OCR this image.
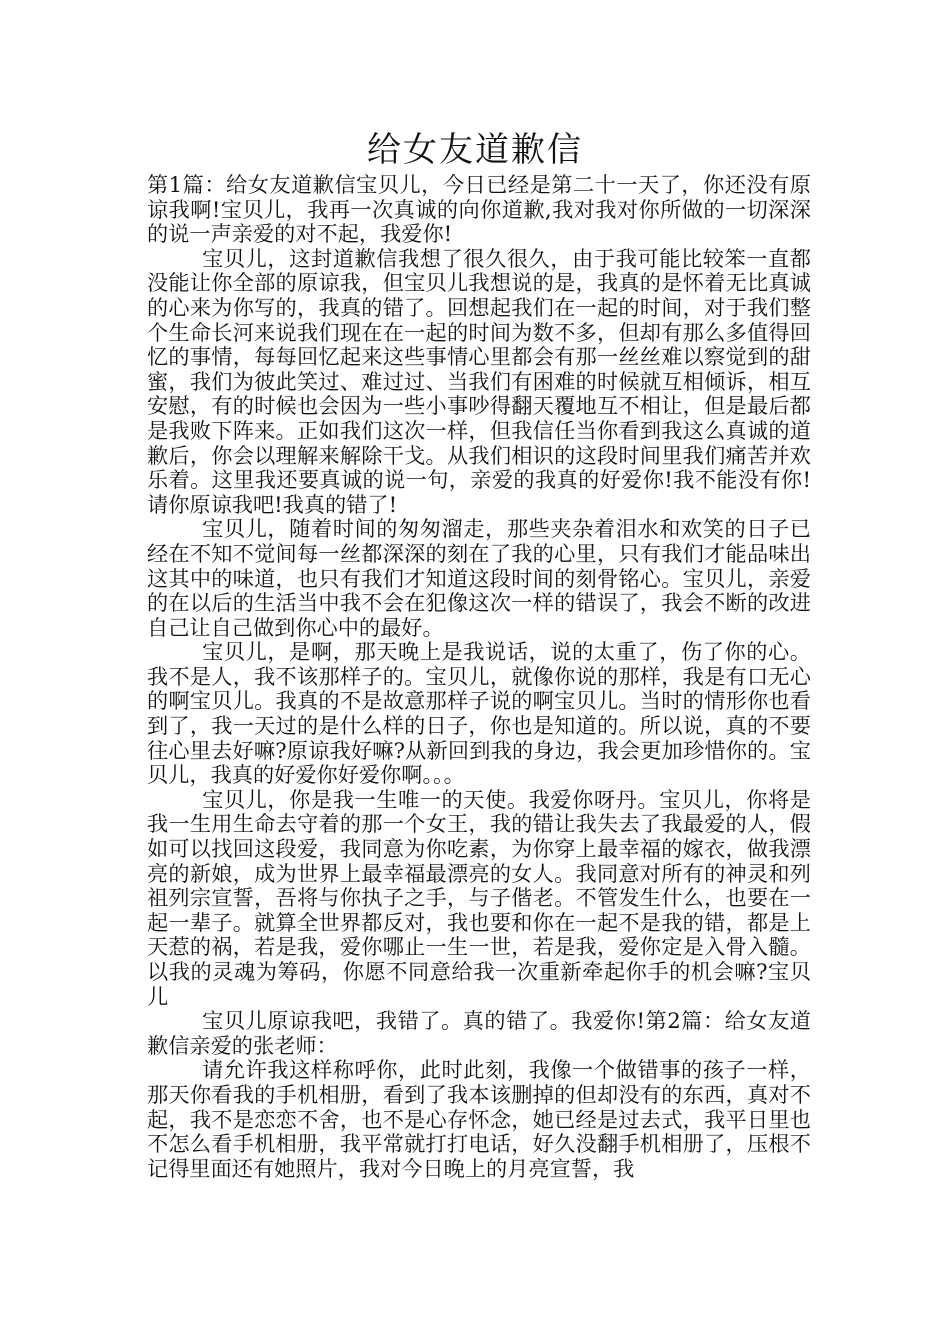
给女友道歉信

第1篇：给女友道歉信宝贝儿，今日已经是第二十一天了，你还没有原谅我啊!宝贝儿，我再一次真诚的向你道歉,我对我对你所做的一切深深的说一声亲爱的对不起，我爱你!

宝贝儿，这封道歉信我想了很久很久，由于我可能比较笨一直都没能让你全部的原谅我，但宝贝儿我想说的是，我真的是怀着无比真诚的心来为你写的，我真的错了。回想起我们在一起的时间，对于我们整个生命长河来说我们现在在一起的时间为数不多，但却有那么多值得回忆的事情，每每回忆起来这些事情心里都会有那一丝丝难以察觉到的甜蜜，我们为彼此笑过、难过过、当我们有困难的时候就互相倾诉，相互安慰，有的时候也会因为一些小事吵得翻天覆地互不相让，但是最后都是我败下阵来。正如我们这次一样，但我信任当你看到我这么真诚的道歉后，你会以理解来解除干戈。从我们相识的这段时间里我们痛苦并欢乐着。这里我还要真诚的说一句，亲爱的我真的好爱你!我不能没有你!请你原谅我吧!我真的错了!

宝贝儿，随着时间的匆匆溜走，那些夹杂着泪水和欢笑的日子已经在不知不觉间每一丝都深深的刻在了我的心里，只有我们才能品味出这其中的味道，也只有我们才知道这段时间的刻骨铭心。宝贝儿，亲爱的在以后的生活当中我不会在犯像这次一样的错误了，我会不断的改进自己让自己做到你心中的最好。

宝贝儿，是啊，那天晚上是我说话，说的太重了，伤了你的心。我不是人，我不该那样子的。宝贝儿，就像你说的那样，我是有口无心的啊宝贝儿。我真的不是故意那样子说的啊宝贝儿。当时的情形你也看到了，我一天过的是什么样的日子，你也是知道的。所以说，真的不要往心里去好嘛?原谅我好嘛?从新回到我的身边，我会更加珍惜你的。宝贝儿，我真的好爱你好爱你啊。。。

宝贝儿，你是我一生唯一的天使。我爱你呀丹。宝贝儿，你将是我一生用生命去守着的那一个女王，我的错让我失去了我最爱的人，假如可以找回这段爱，我同意为你吃素，为你穿上最幸福的嫁衣，做我漂亮的新娘，成为世界上最幸福最漂亮的女人。我同意对所有的神灵和列祖列宗宣誓，吾将与你执子之手，与子偕老。不管发生什么，也要在一起一辈子。就算全世界都反对，我也要和你在一起不是我的错，都是上天惹的祸，若是我，爱你哪止一生一世，若是我，爱你定是入骨入髓。以我的灵魂为筹码，你愿不同意给我一次重新牵起你手的机会嘛?宝贝儿

宝贝儿原谅我吧，我错了。真的错了。我爱你!第2篇：给女友道歉信亲爱的张老师：

请允许我这样称呼你，此时此刻，我像一个做错事的孩子一样，那天你看我的手机相册，看到了我本该删掉的但却没有的东西，真对不起，我不是恋恋不舍，也不是心存怀念，她已经是过去式，我平日里也不怎么看手机相册，我平常就打打电话，好久没翻手机相册了，压根不记得里面还有她照片，我对今日晚上的月亮宣誓，我
